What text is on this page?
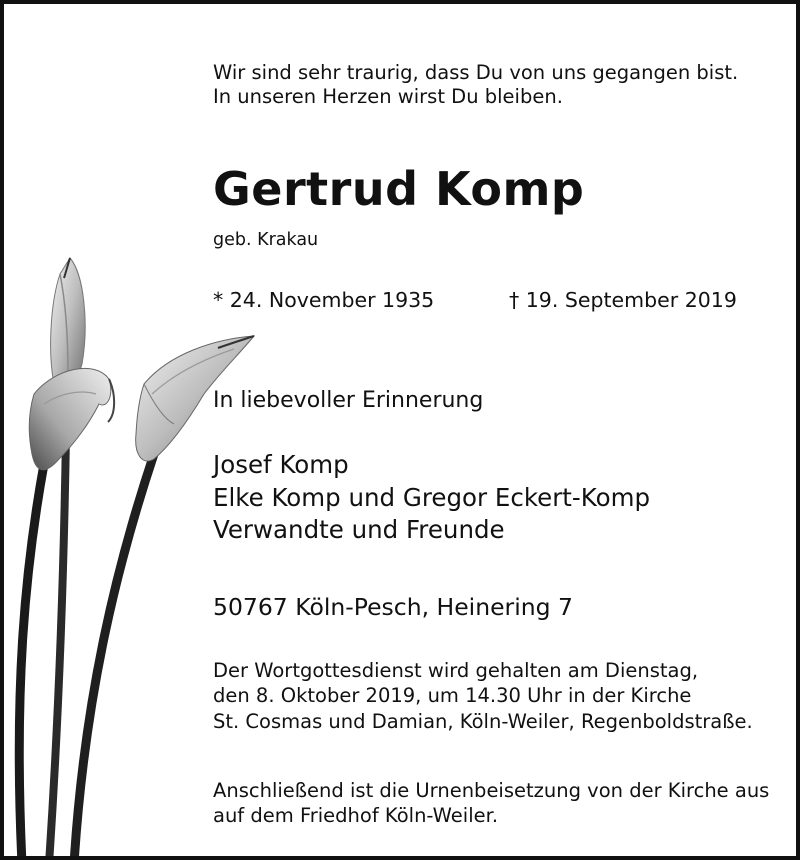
Wir sind sehr traurig, dass Du von uns gegangen bist.
In unseren Herzen wirst Du bleiben.

Gertrud Komp

geb. Krakau

* 24. November 1935	† 19. September 2019

In liebevoller Erinnerung

Josef Komp
Elke Komp und Gregor Eckert-Komp
Verwandte und Freunde

50767 Köln-Pesch, Heinering 7

Der Wortgottesdienst wird gehalten am Dienstag,
den 8. Oktober 2019, um 14.30 Uhr in der Kirche
St. Cosmas und Damian, Köln-Weiler, Regenboldstraße.

Anschließend ist die Urnenbeisetzung von der Kirche aus
auf dem Friedhof Köln-Weiler.
